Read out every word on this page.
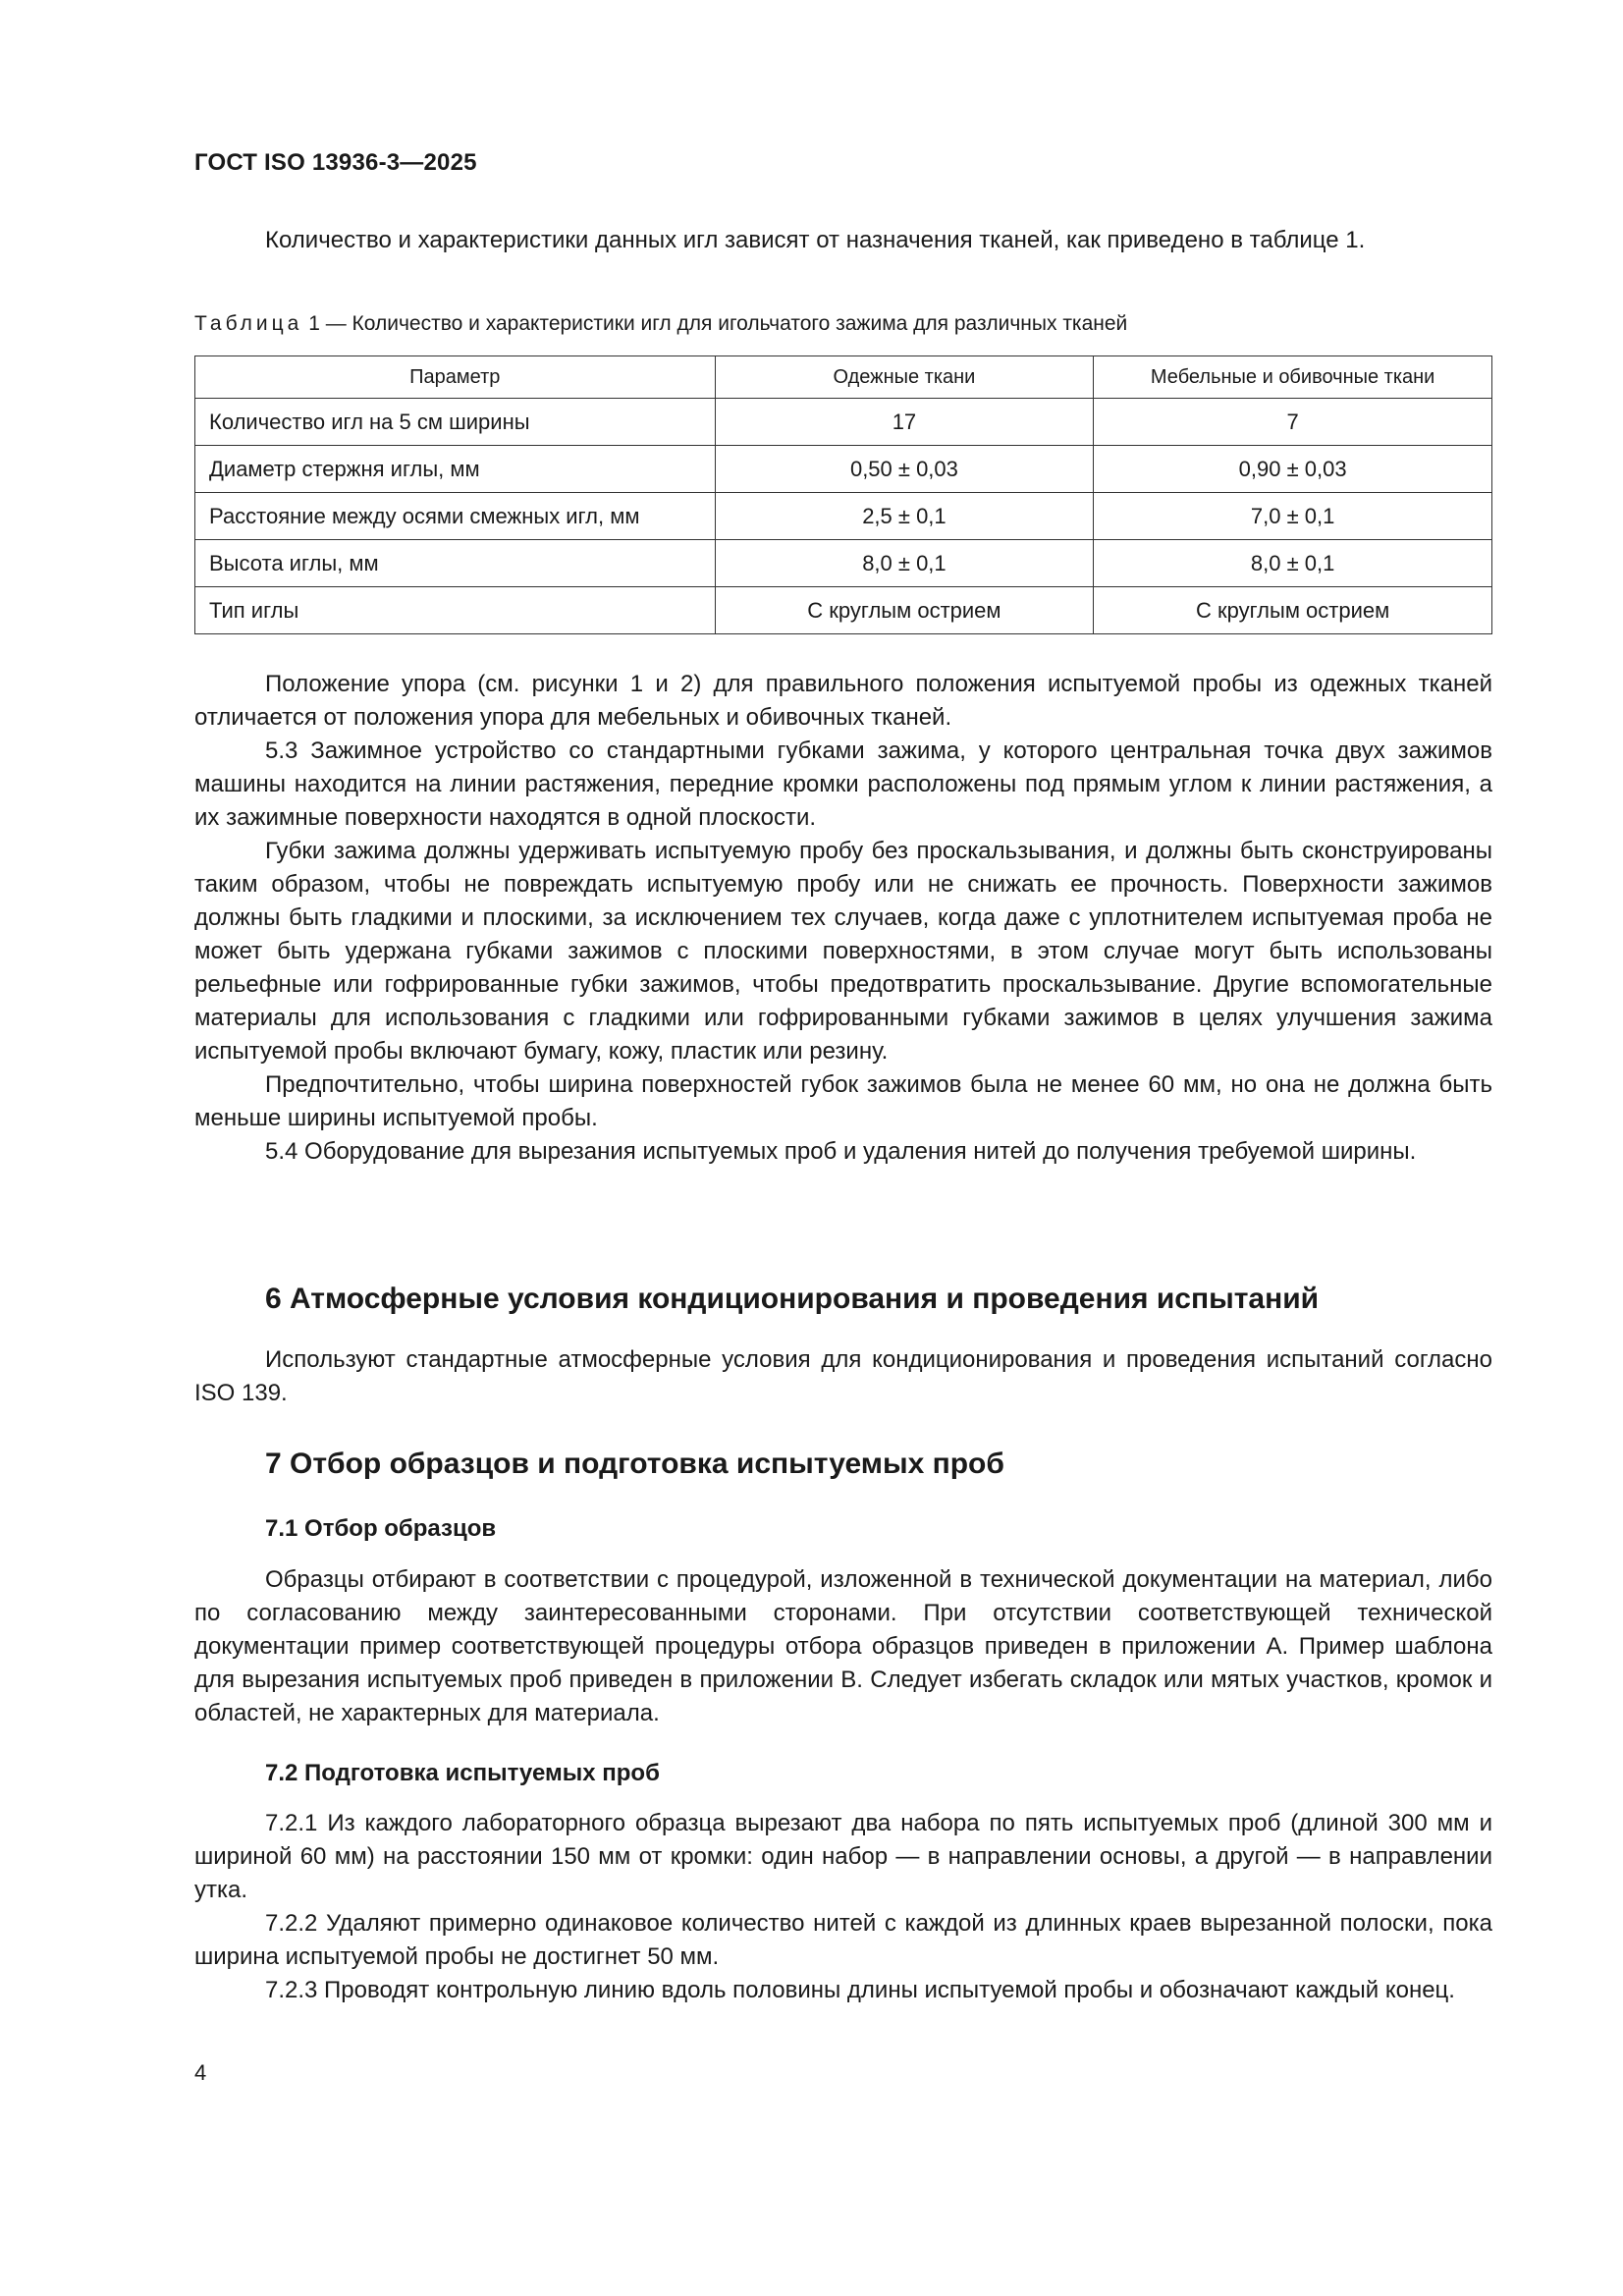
ГОСТ ISO 13936-3—2025

Количество и характеристики данных игл зависят от назначения тканей, как приведено в таблице 1.

Таблица 1 — Количество и характеристики игл для игольчатого зажима для различных тканей
Параметр	Одежные ткани	Мебельные и обивочные ткани
Количество игл на 5 см ширины	17	7
Диаметр стержня иглы, мм	0,50 ± 0,03	0,90 ± 0,03
Расстояние между осями смежных игл, мм	2,5 ± 0,1	7,0 ± 0,1
Высота иглы, мм	8,0 ± 0,1	8,0 ± 0,1
Тип иглы	С круглым острием	С круглым острием

Положение упора (см. рисунки 1 и 2) для правильного положения испытуемой пробы из одежных тканей отличается от положения упора для мебельных и обивочных тканей.

5.3 Зажимное устройство со стандартными губками зажима, у которого центральная точка двух зажимов машины находится на линии растяжения, передние кромки расположены под прямым углом к линии растяжения, а их зажимные поверхности находятся в одной плоскости.

Губки зажима должны удерживать испытуемую пробу без проскальзывания, и должны быть сконструированы таким образом, чтобы не повреждать испытуемую пробу или не снижать ее прочность. Поверхности зажимов должны быть гладкими и плоскими, за исключением тех случаев, когда даже с уплотнителем испытуемая проба не может быть удержана губками зажимов с плоскими поверхностями, в этом случае могут быть использованы рельефные или гофрированные губки зажимов, чтобы предотвратить проскальзывание. Другие вспомогательные материалы для использования с гладкими или гофрированными губками зажимов в целях улучшения зажима испытуемой пробы включают бумагу, кожу, пластик или резину.

Предпочтительно, чтобы ширина поверхностей губок зажимов была не менее 60 мм, но она не должна быть меньше ширины испытуемой пробы.

5.4 Оборудование для вырезания испытуемых проб и удаления нитей до получения требуемой ширины.

6 Атмосферные условия кондиционирования и проведения испытаний

Используют стандартные атмосферные условия для кондиционирования и проведения испытаний согласно ISO 139.

7 Отбор образцов и подготовка испытуемых проб
7.1 Отбор образцов

Образцы отбирают в соответствии с процедурой, изложенной в технической документации на материал, либо по согласованию между заинтересованными сторонами. При отсутствии соответствующей технической документации пример соответствующей процедуры отбора образцов приведен в приложении А. Пример шаблона для вырезания испытуемых проб приведен в приложении В. Следует избегать складок или мятых участков, кромок и областей, не характерных для материала.

7.2 Подготовка испытуемых проб

7.2.1 Из каждого лабораторного образца вырезают два набора по пять испытуемых проб (длиной 300 мм и шириной 60 мм) на расстоянии 150 мм от кромки: один набор — в направлении основы, а другой — в направлении утка.

7.2.2 Удаляют примерно одинаковое количество нитей с каждой из длинных краев вырезанной полоски, пока ширина испытуемой пробы не достигнет 50 мм.

7.2.3 Проводят контрольную линию вдоль половины длины испытуемой пробы и обозначают каждый конец.

4
